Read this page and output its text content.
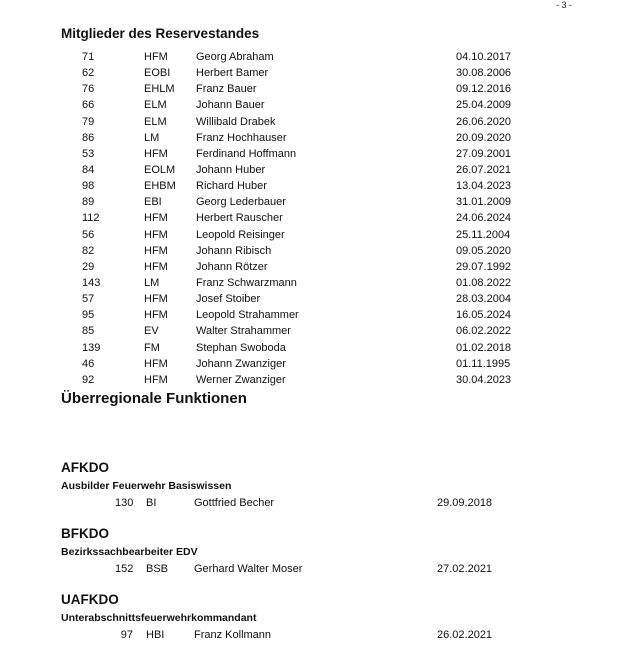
- 3 -
Mitglieder des Reservestandes
71	HFM	Georg Abraham	04.10.2017
62	EOBI Herbert Bamer	30.08.2006
76	EHLM Franz Bauer	09.12.2016
66	ELM	Johann Bauer	25.04.2009
79	ELM	Willibald Drabek	26.06.2020
86	LM	Franz Hochhauser	20.09.2020
53	HFM	Ferdinand Hoffmann	27.09.2001
84	EOLM Johann Huber	26.07.2021
98	EHBM Richard Huber	13.04.2023
89	EBI	Georg Lederbauer	31.01.2009
112	HFM	Herbert Rauscher	24.06.2024
56	HFM	Leopold Reisinger	25.11.2004
82	HFM	Johann Ribisch	09.05.2020
29	HFM	Johann Rötzer	29.07.1992
143	LM	Franz Schwarzmann	01.08.2022
57	HFM	Josef Stoiber	28.03.2004
95	HFM	Leopold Strahammer	16.05.2024
85	EV	Walter Strahammer	06.02.2022
139	FM	Stephan Swoboda	01.02.2018
46	HFM	Johann Zwanziger	01.11.1995
92	HFM	Werner Zwanziger	30.04.2023
Überregionale Funktionen
AFKDO
Ausbilder Feuerwehr Basiswissen
130 BI	Gottfried Becher	29.09.2018
BFKDO
Bezirkssachbearbeiter EDV
152 BSB Gerhard Walter Moser	27.02.2021
UAFKDO
Unterabschnittsfeuerwehrkommandant
97 HBI	Franz Kollmann	26.02.2021
